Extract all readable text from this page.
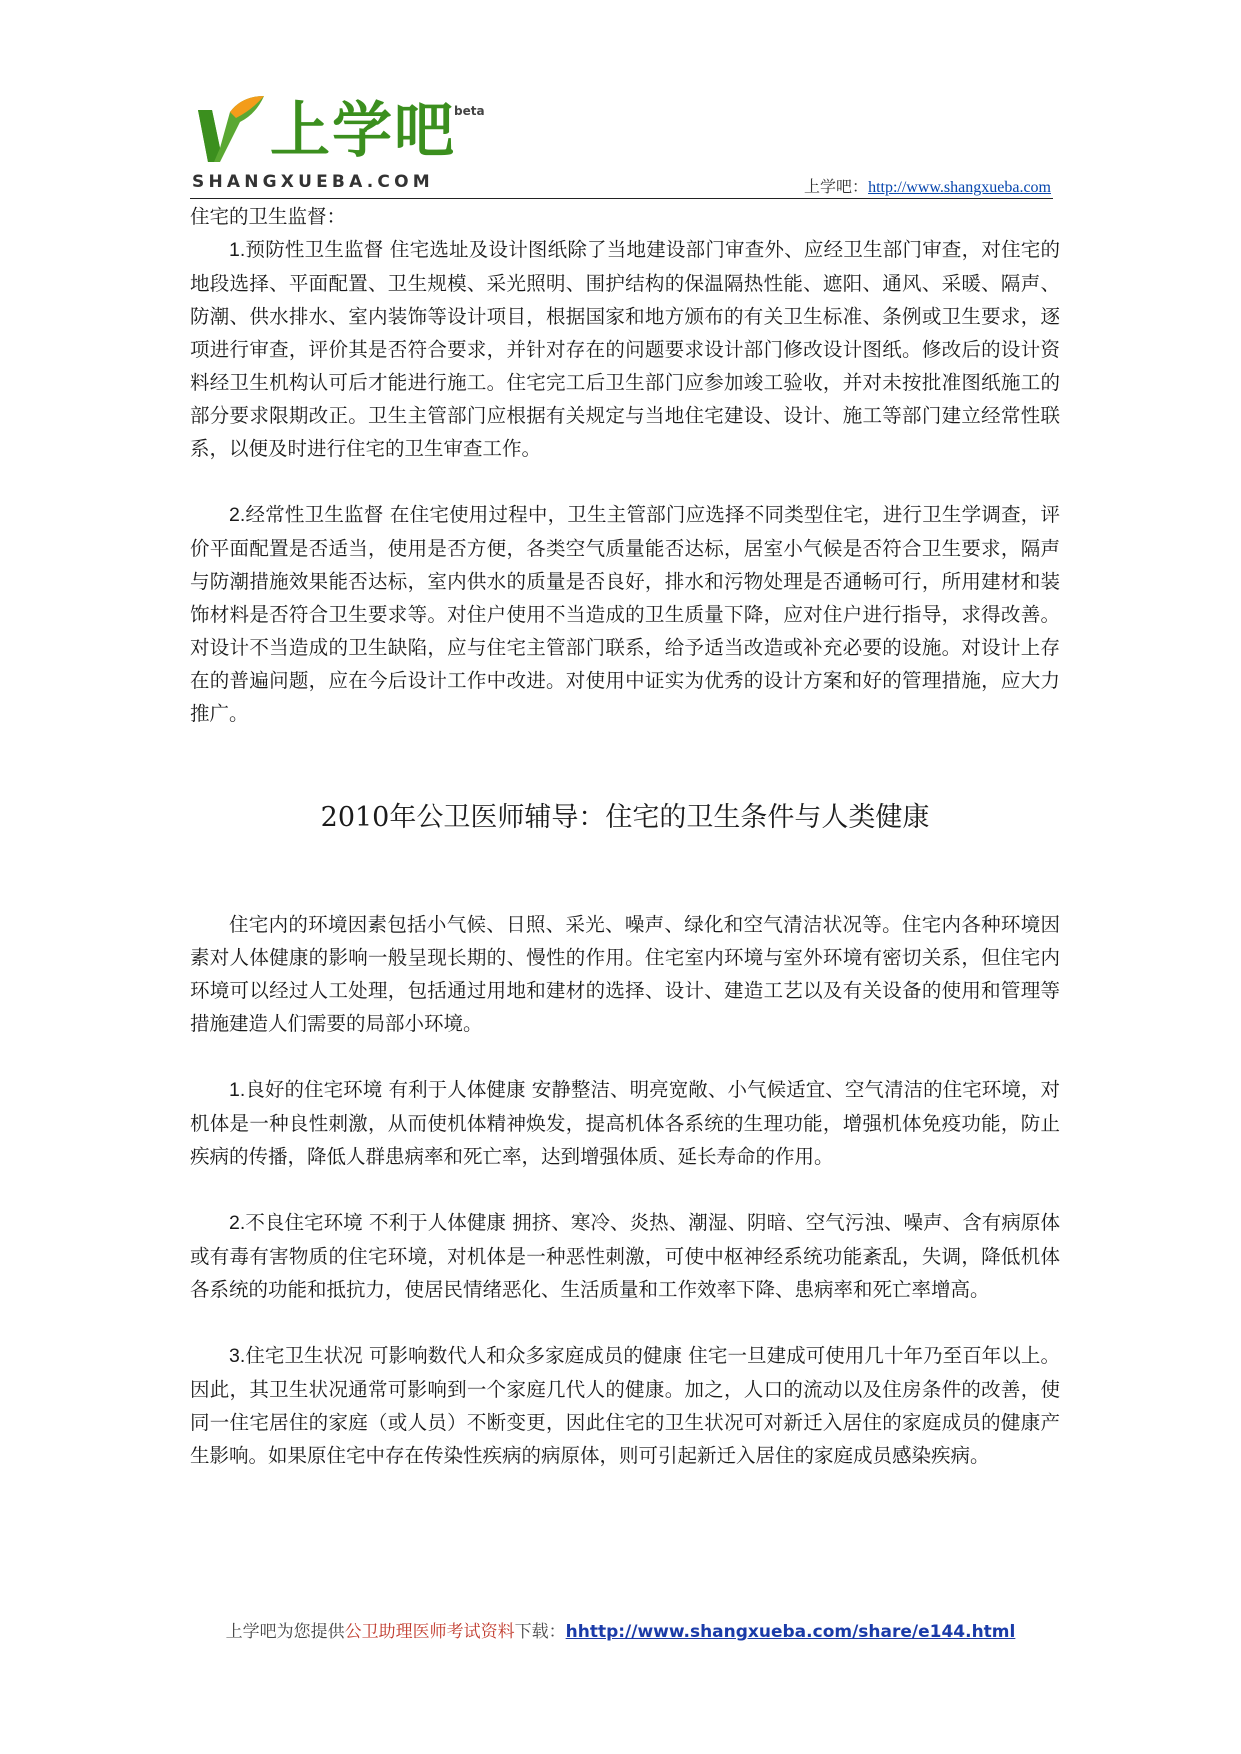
上学吧
beta
SHANGXUEBA.COM	上学吧：http://www.shangxueba.com

住宅的卫生监督：

1.预防性卫生监督 住宅选址及设计图纸除了当地建设部门审查外、应经卫生部门审查，对住宅的地段选择、平面配置、卫生规模、采光照明、围护结构的保温隔热性能、遮阳、通风、采暖、隔声、防潮、供水排水、室内装饰等设计项目，根据国家和地方颁布的有关卫生标准、条例或卫生要求，逐项进行审查，评价其是否符合要求，并针对存在的问题要求设计部门修改设计图纸。修改后的设计资料经卫生机构认可后才能进行施工。住宅完工后卫生部门应参加竣工验收，并对未按批准图纸施工的部分要求限期改正。卫生主管部门应根据有关规定与当地住宅建设、设计、施工等部门建立经常性联系，以便及时进行住宅的卫生审查工作。

2.经常性卫生监督 在住宅使用过程中，卫生主管部门应选择不同类型住宅，进行卫生学调查，评价平面配置是否适当，使用是否方便，各类空气质量能否达标，居室小气候是否符合卫生要求，隔声与防潮措施效果能否达标，室内供水的质量是否良好，排水和污物处理是否通畅可行，所用建材和装饰材料是否符合卫生要求等。对住户使用不当造成的卫生质量下降，应对住户进行指导，求得改善。对设计不当造成的卫生缺陷，应与住宅主管部门联系，给予适当改造或补充必要的设施。对设计上存在的普遍问题，应在今后设计工作中改进。对使用中证实为优秀的设计方案和好的管理措施，应大力推广。

2010年公卫医师辅导：住宅的卫生条件与人类健康

住宅内的环境因素包括小气候、日照、采光、噪声、绿化和空气清洁状况等。住宅内各种环境因素对人体健康的影响一般呈现长期的、慢性的作用。住宅室内环境与室外环境有密切关系，但住宅内环境可以经过人工处理，包括通过用地和建材的选择、设计、建造工艺以及有关设备的使用和管理等措施建造人们需要的局部小环境。

1.良好的住宅环境 有利于人体健康 安静整洁、明亮宽敞、小气候适宜、空气清洁的住宅环境，对机体是一种良性刺激，从而使机体精神焕发，提高机体各系统的生理功能，增强机体免疫功能，防止疾病的传播，降低人群患病率和死亡率，达到增强体质、延长寿命的作用。

2.不良住宅环境 不利于人体健康 拥挤、寒冷、炎热、潮湿、阴暗、空气污浊、噪声、含有病原体或有毒有害物质的住宅环境，对机体是一种恶性刺激，可使中枢神经系统功能紊乱，失调，降低机体各系统的功能和抵抗力，使居民情绪恶化、生活质量和工作效率下降、患病率和死亡率增高。

3.住宅卫生状况 可影响数代人和众多家庭成员的健康 住宅一旦建成可使用几十年乃至百年以上。因此，其卫生状况通常可影响到一个家庭几代人的健康。加之，人口的流动以及住房条件的改善，使同一住宅居住的家庭（或人员）不断变更，因此住宅的卫生状况可对新迁入居住的家庭成员的健康产生影响。如果原住宅中存在传染性疾病的病原体，则可引起新迁入居住的家庭成员感染疾病。

上学吧为您提供公卫助理医师考试资料下载：hhttp://www.shangxueba.com/share/e144.html
